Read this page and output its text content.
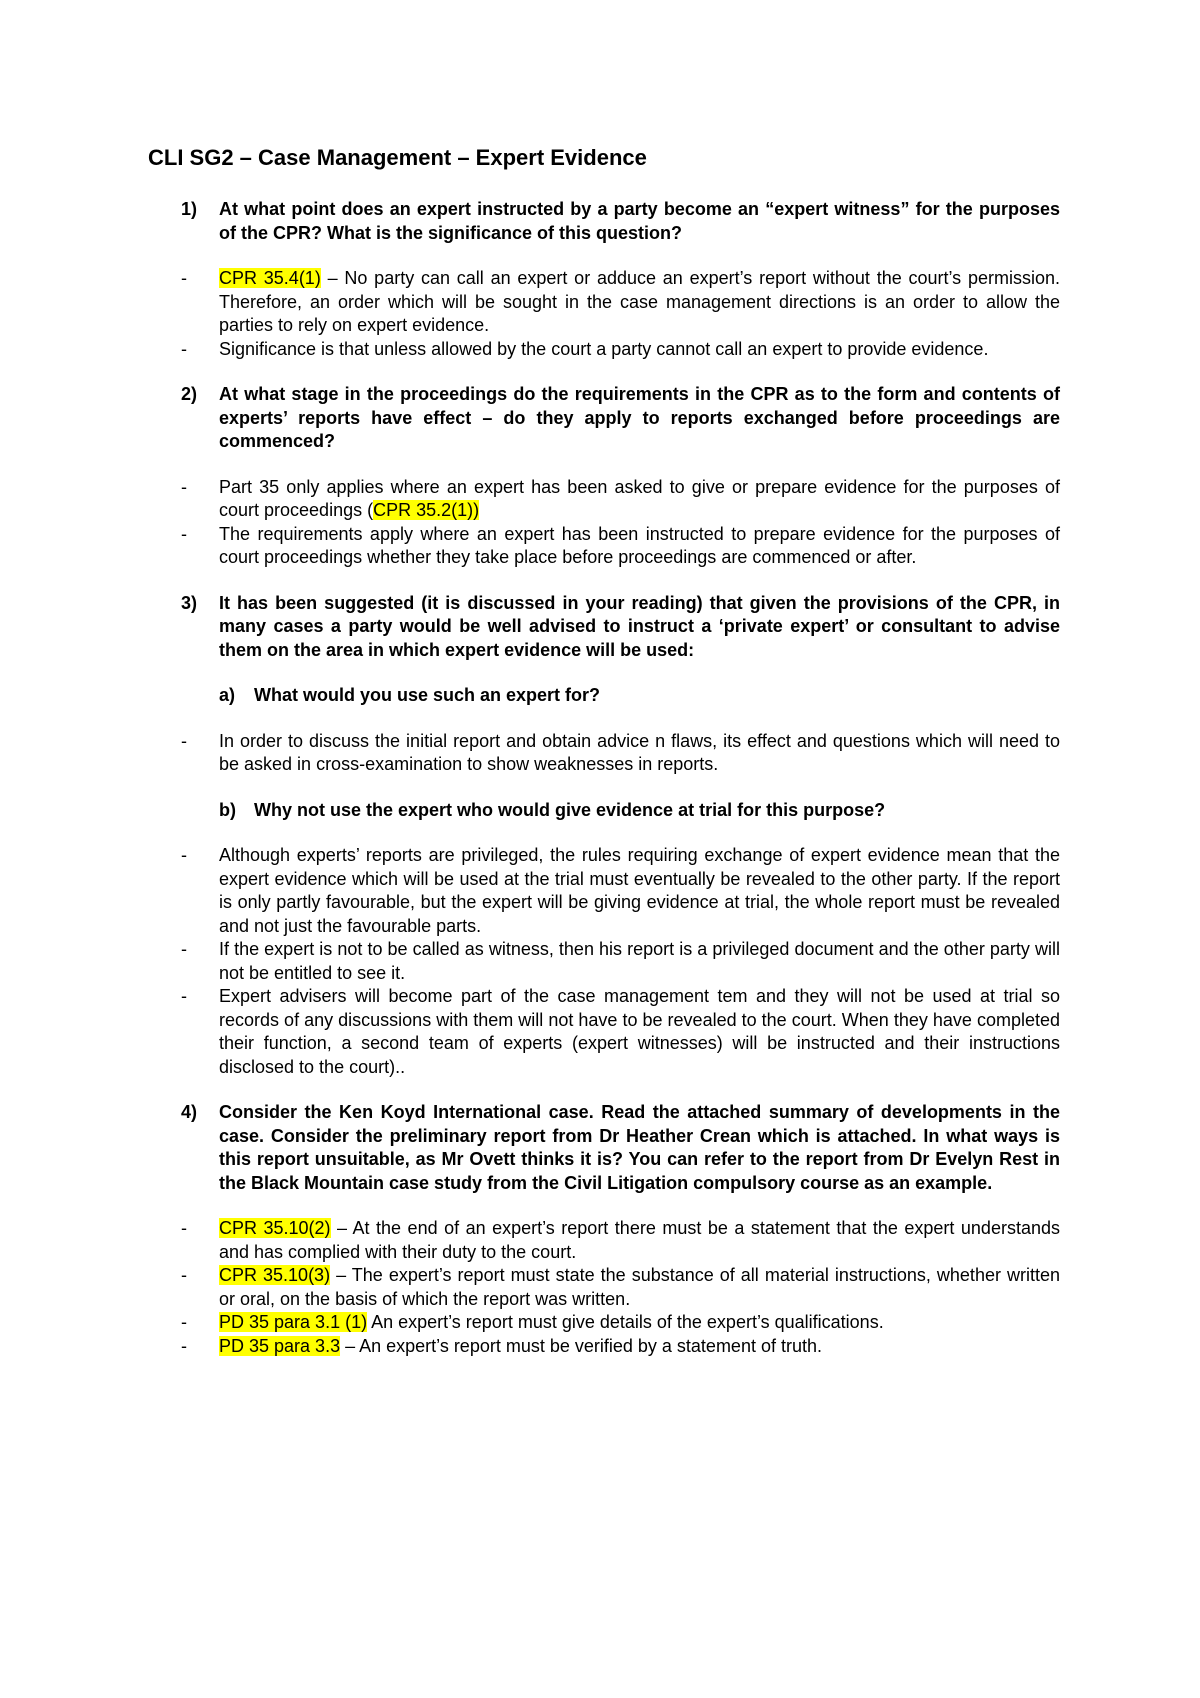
CLI SG2 – Case Management – Expert Evidence
1)	At what point does an expert instructed by a party become an “expert witness” for the purposes of the CPR? What is the significance of this question?
-	CPR 35.4(1) – No party can call an expert or adduce an expert’s report without the court’s permission. Therefore, an order which will be sought in the case management directions is an order to allow the parties to rely on expert evidence.
-	Significance is that unless allowed by the court a party cannot call an expert to provide evidence.
2)	At what stage in the proceedings do the requirements in the CPR as to the form and contents of experts’ reports have effect – do they apply to reports exchanged before proceedings are commenced?
-	Part 35 only applies where an expert has been asked to give or prepare evidence for the purposes of court proceedings (CPR 35.2(1))
-	The requirements apply where an expert has been instructed to prepare evidence for the purposes of court proceedings whether they take place before proceedings are commenced or after.
3)	It has been suggested (it is discussed in your reading) that given the provisions of the CPR, in many cases a party would be well advised to instruct a ‘private expert’ or consultant to advise them on the area in which expert evidence will be used:
a)	What would you use such an expert for?
-	In order to discuss the initial report and obtain advice n flaws, its effect and questions which will need to be asked in cross-examination to show weaknesses in reports.
b)	Why not use the expert who would give evidence at trial for this purpose?
-	Although experts’ reports are privileged, the rules requiring exchange of expert evidence mean that the expert evidence which will be used at the trial must eventually be revealed to the other party. If the report is only partly favourable, but the expert will be giving evidence at trial, the whole report must be revealed and not just the favourable parts.
-	If the expert is not to be called as witness, then his report is a privileged document and the other party will not be entitled to see it.
-	Expert advisers will become part of the case management tem and they will not be used at trial so records of any discussions with them will not have to be revealed to the court. When they have completed their function, a second team of experts (expert witnesses) will be instructed and their instructions disclosed to the court)..
4)	Consider the Ken Koyd International case. Read the attached summary of developments in the case. Consider the preliminary report from Dr Heather Crean which is attached. In what ways is this report unsuitable, as Mr Ovett thinks it is? You can refer to the report from Dr Evelyn Rest in the Black Mountain case study from the Civil Litigation compulsory course as an example.
-	CPR 35.10(2) – At the end of an expert’s report there must be a statement that the expert understands and has complied with their duty to the court.
-	CPR 35.10(3) – The expert’s report must state the substance of all material instructions, whether written or oral, on the basis of which the report was written.
-	PD 35 para 3.1 (1) An expert’s report must give details of the expert’s qualifications.
-	PD 35 para 3.3 – An expert’s report must be verified by a statement of truth.
